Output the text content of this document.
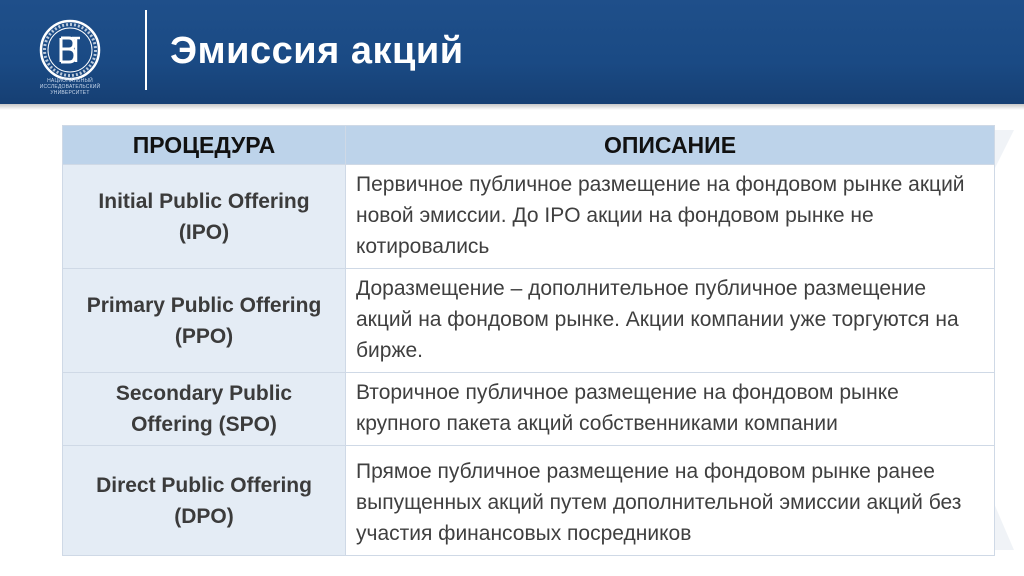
НАЦИОНАЛЬНЫЙ ИССЛЕДОВАТЕЛЬСКИЙ УНИВЕРСИТЕТ
Эмиссия акций
ПРОЦЕДУРА	ОПИСАНИЕ
Initial Public Offering (IPO)	Первичное публичное размещение на фондовом рынке акций новой эмиссии. До IPO акции на фондовом рынке не котировались
Primary Public Offering (PPO)	Доразмещение – дополнительное публичное размещение акций на фондовом рынке. Акции компании уже торгуются на бирже.
Secondary Public Offering (SPO)	Вторичное публичное размещение на фондовом рынке крупного пакета акций собственниками компании
Direct Public Offering (DPO)	Прямое публичное размещение на фондовом рынке ранее выпущенных акций путем дополнительной эмиссии акций без участия финансовых посредников
